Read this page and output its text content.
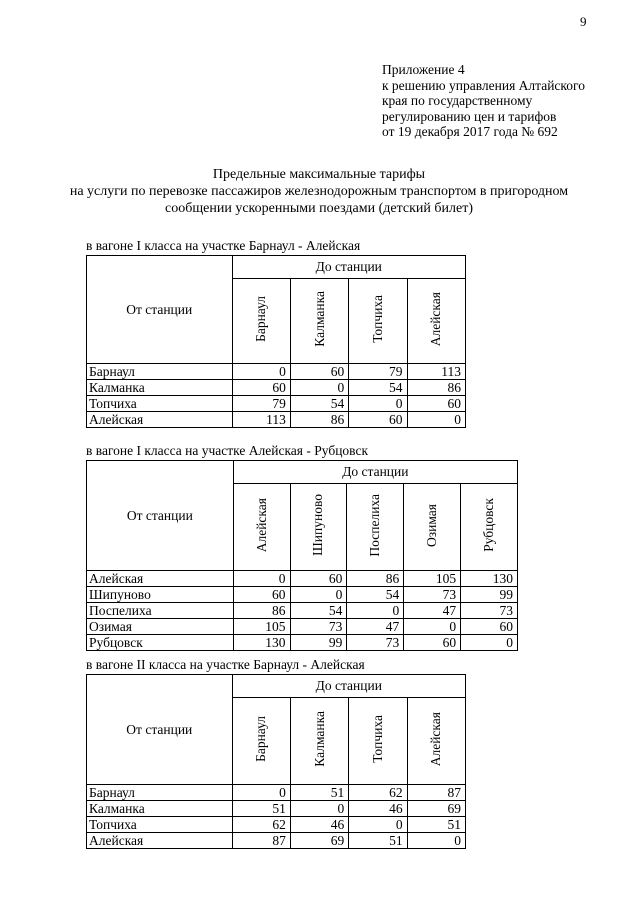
9
Приложение 4
к решению управления Алтайского
края по государственному
регулированию цен и тарифов
от 19 декабря 2017 года № 692
Предельные максимальные тарифы
на услуги по перевозке пассажиров железнодорожным транспортом в пригородном
сообщении ускоренными поездами (детский билет)
в вагоне I класса на участке Барнаул - Алейская
От станции	До станции			
	Барнаул	Калманка	Топчиха	Алейская
Барнаул	0	60	79	113
Калманка	60	0	54	86
Топчиха	79	54	0	60
Алейская	113	86	60	0
в вагоне I класса на участке Алейская - Рубцовск
От станции	До станции				
	Алейская	Шипуново	Поспелиха	Озимая	Рубцовск
Алейская	0	60	86	105	130
Шипуново	60	0	54	73	99
Поспелиха	86	54	0	47	73
Озимая	105	73	47	0	60
Рубцовск	130	99	73	60	0
в вагоне II класса на участке Барнаул - Алейская
От станции	До станции			
	Барнаул	Калманка	Топчиха	Алейская
Барнаул	0	51	62	87
Калманка	51	0	46	69
Топчиха	62	46	0	51
Алейская	87	69	51	0
